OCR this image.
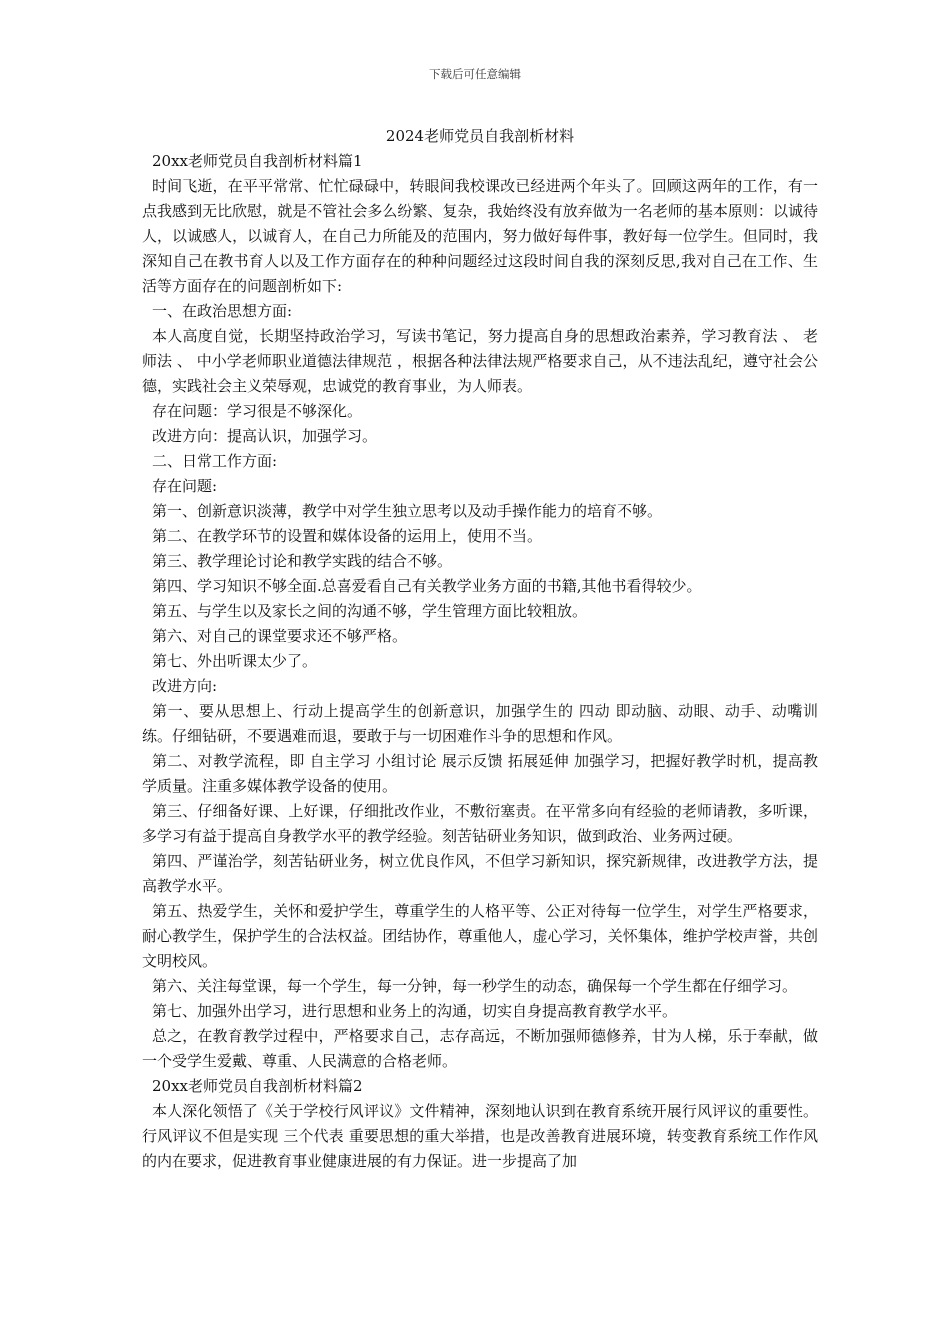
下载后可任意编辑

2024老师党员自我剖析材料

20xx老师党员自我剖析材料篇1

时间飞逝，在平平常常、忙忙碌碌中，转眼间我校课改已经进两个年头了。回顾这两年的工作，有一点我感到无比欣慰，就是不管社会多么纷繁、复杂，我始终没有放弃做为一名老师的基本原则：以诚待人，以诚感人，以诚育人，在自己力所能及的范围内，努力做好每件事，教好每一位学生。但同时，我深知自己在教书育人以及工作方面存在的种种问题经过这段时间自我的深刻反思,我对自己在工作、生活等方面存在的问题剖析如下:

一、在政治思想方面:

本人高度自觉，长期坚持政治学习，写读书笔记，努力提高自身的思想政治素养，学习教育法 、 老师法 、 中小学老师职业道德法律规范 ，根据各种法律法规严格要求自己，从不违法乱纪，遵守社会公德，实践社会主义荣辱观，忠诚党的教育事业，为人师表。

存在问题：学习很是不够深化。

改进方向：提高认识，加强学习。

二、日常工作方面:

存在问题:

第一、创新意识淡薄，教学中对学生独立思考以及动手操作能力的培育不够。

第二、在教学环节的设置和媒体设备的运用上，使用不当。

第三、教学理论讨论和教学实践的结合不够。

第四、学习知识不够全面.总喜爱看自己有关教学业务方面的书籍,其他书看得较少。

第五、与学生以及家长之间的沟通不够，学生管理方面比较粗放。

第六、对自己的课堂要求还不够严格。

第七、外出听课太少了。

改进方向:

第一、要从思想上、行动上提高学生的创新意识，加强学生的 四动 即动脑、动眼、动手、动嘴训练。仔细钻研，不要遇难而退，要敢于与一切困难作斗争的思想和作风。

第二、对教学流程，即 自主学习 小组讨论 展示反馈 拓展延伸 加强学习，把握好教学时机，提高教学质量。注重多媒体教学设备的使用。

第三、仔细备好课、上好课，仔细批改作业，不敷衍塞责。在平常多向有经验的老师请教，多听课，多学习有益于提高自身教学水平的教学经验。刻苦钻研业务知识，做到政治、业务两过硬。

第四、严谨治学，刻苦钻研业务，树立优良作风，不但学习新知识，探究新规律，改进教学方法，提高教学水平。

第五、热爱学生，关怀和爱护学生，尊重学生的人格平等、公正对待每一位学生，对学生严格要求，耐心教学生，保护学生的合法权益。团结协作，尊重他人，虚心学习，关怀集体，维护学校声誉，共创文明校风。

第六、关注每堂课，每一个学生，每一分钟，每一秒学生的动态，确保每一个学生都在仔细学习。

第七、加强外出学习，进行思想和业务上的沟通，切实自身提高教育教学水平。

总之，在教育教学过程中，严格要求自己，志存高远，不断加强师德修养，甘为人梯，乐于奉献，做一个受学生爱戴、尊重、人民满意的合格老师。

20xx老师党员自我剖析材料篇2

本人深化领悟了《关于学校行风评议》文件精神，深刻地认识到在教育系统开展行风评议的重要性。行风评议不但是实现 三个代表 重要思想的重大举措，也是改善教育进展环境，转变教育系统工作作风的内在要求，促进教育事业健康进展的有力保证。进一步提高了加
